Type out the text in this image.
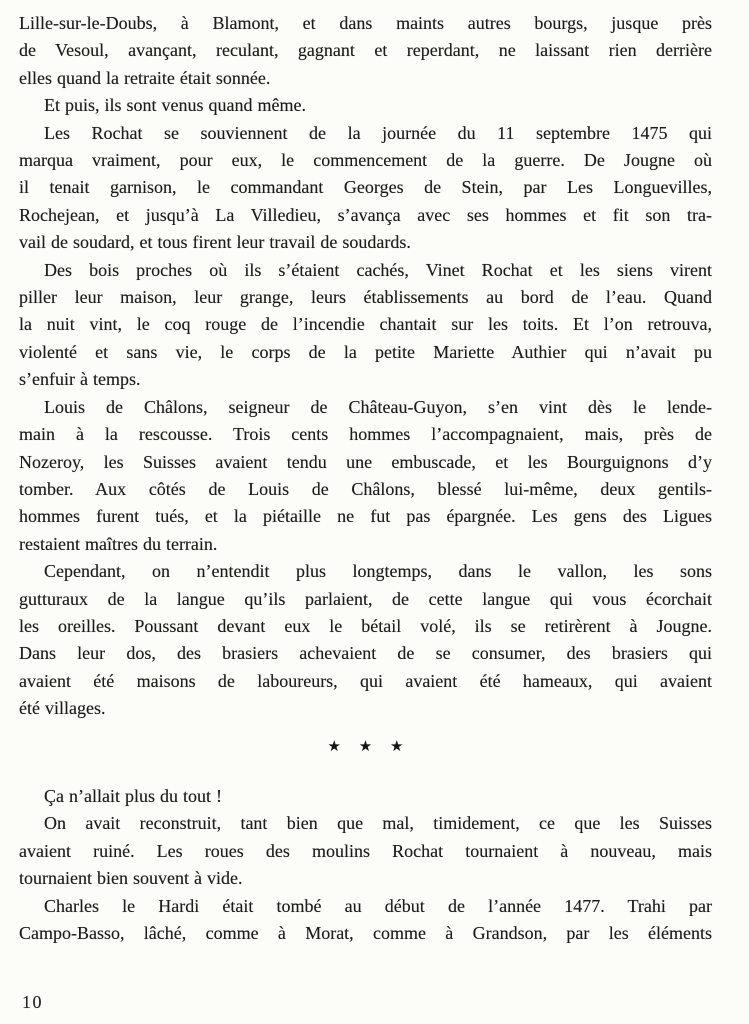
Lille-sur-le-Doubs, à Blamont, et dans maints autres bourgs, jusque près
de Vesoul, avançant, reculant, gagnant et reperdant, ne laissant rien derrière
elles quand la retraite était sonnée.
Et puis, ils sont venus quand même.
Les Rochat se souviennent de la journée du 11 septembre 1475 qui
marqua vraiment, pour eux, le commencement de la guerre. De Jougne où
il tenait garnison, le commandant Georges de Stein, par Les Longuevilles,
Rochejean, et jusqu’à La Villedieu, s’avança avec ses hommes et fit son tra-
vail de soudard, et tous firent leur travail de soudards.
Des bois proches où ils s’étaient cachés, Vinet Rochat et les siens virent
piller leur maison, leur grange, leurs établissements au bord de l’eau. Quand
la nuit vint, le coq rouge de l’incendie chantait sur les toits. Et l’on retrouva,
violenté et sans vie, le corps de la petite Mariette Authier qui n’avait pu
s’enfuir à temps.
Louis de Châlons, seigneur de Château-Guyon, s’en vint dès le lende-
main à la rescousse. Trois cents hommes l’accompagnaient, mais, près de
Nozeroy, les Suisses avaient tendu une embuscade, et les Bourguignons d’y
tomber. Aux côtés de Louis de Châlons, blessé lui-même, deux gentils-
hommes furent tués, et la piétaille ne fut pas épargnée. Les gens des Ligues
restaient maîtres du terrain.
Cependant, on n’entendit plus longtemps, dans le vallon, les sons
gutturaux de la langue qu’ils parlaient, de cette langue qui vous écorchait
les oreilles. Poussant devant eux le bétail volé, ils se retirèrent à Jougne.
Dans leur dos, des brasiers achevaient de se consumer, des brasiers qui
avaient été maisons de laboureurs, qui avaient été hameaux, qui avaient
été villages.
★ ★ ★
Ça n’allait plus du tout !
On avait reconstruit, tant bien que mal, timidement, ce que les Suisses
avaient ruiné. Les roues des moulins Rochat tournaient à nouveau, mais
tournaient bien souvent à vide.
Charles le Hardi était tombé au début de l’année 1477. Trahi par
Campo-Basso, lâché, comme à Morat, comme à Grandson, par les éléments
10
